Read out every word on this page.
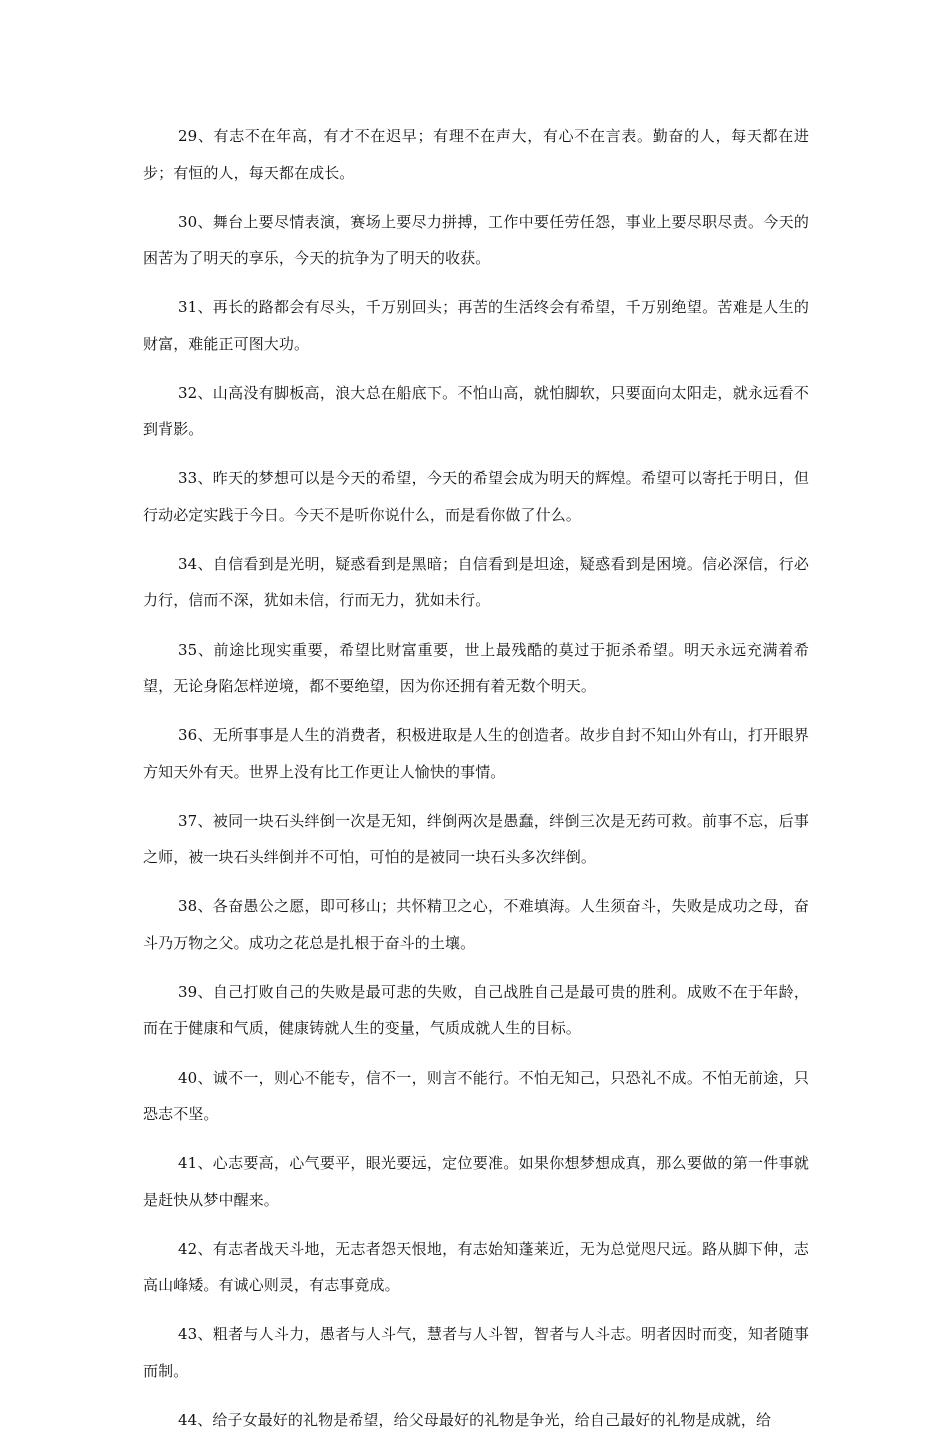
29、有志不在年高，有才不在迟早；有理不在声大，有心不在言表。勤奋的人，每天都在进步；有恒的人，每天都在成长。

30、舞台上要尽情表演，赛场上要尽力拼搏，工作中要任劳任怨，事业上要尽职尽责。今天的困苦为了明天的享乐，今天的抗争为了明天的收获。

31、再长的路都会有尽头，千万别回头；再苦的生活终会有希望，千万别绝望。苦难是人生的财富，难能正可图大功。

32、山高没有脚板高，浪大总在船底下。不怕山高，就怕脚软，只要面向太阳走，就永远看不到背影。

33、昨天的梦想可以是今天的希望，今天的希望会成为明天的辉煌。希望可以寄托于明日，但行动必定实践于今日。今天不是听你说什么，而是看你做了什么。

34、自信看到是光明，疑惑看到是黑暗；自信看到是坦途，疑惑看到是困境。信必深信，行必力行，信而不深，犹如未信，行而无力，犹如未行。

35、前途比现实重要，希望比财富重要，世上最残酷的莫过于扼杀希望。明天永远充满着希望，无论身陷怎样逆境，都不要绝望，因为你还拥有着无数个明天。

36、无所事事是人生的消费者，积极进取是人生的创造者。故步自封不知山外有山，打开眼界方知天外有天。世界上没有比工作更让人愉快的事情。

37、被同一块石头绊倒一次是无知，绊倒两次是愚蠢，绊倒三次是无药可救。前事不忘，后事之师，被一块石头绊倒并不可怕，可怕的是被同一块石头多次绊倒。

38、各奋愚公之愿，即可移山；共怀精卫之心，不难填海。人生须奋斗，失败是成功之母，奋斗乃万物之父。成功之花总是扎根于奋斗的土壤。

39、自己打败自己的失败是最可悲的失败，自己战胜自己是最可贵的胜利。成败不在于年龄，而在于健康和气质，健康铸就人生的变量，气质成就人生的目标。

40、诚不一，则心不能专，信不一，则言不能行。不怕无知己，只恐礼不成。不怕无前途，只恐志不坚。

41、心志要高，心气要平，眼光要远，定位要准。如果你想梦想成真，那么要做的第一件事就是赶快从梦中醒来。

42、有志者战天斗地，无志者怨天恨地，有志始知蓬莱近，无为总觉咫尺远。路从脚下伸，志高山峰矮。有诚心则灵，有志事竟成。

43、粗者与人斗力，愚者与人斗气，慧者与人斗智，智者与人斗志。明者因时而变，知者随事而制。

44、给子女最好的礼物是希望，给父母最好的礼物是争光，给自己最好的礼物是成就，给
